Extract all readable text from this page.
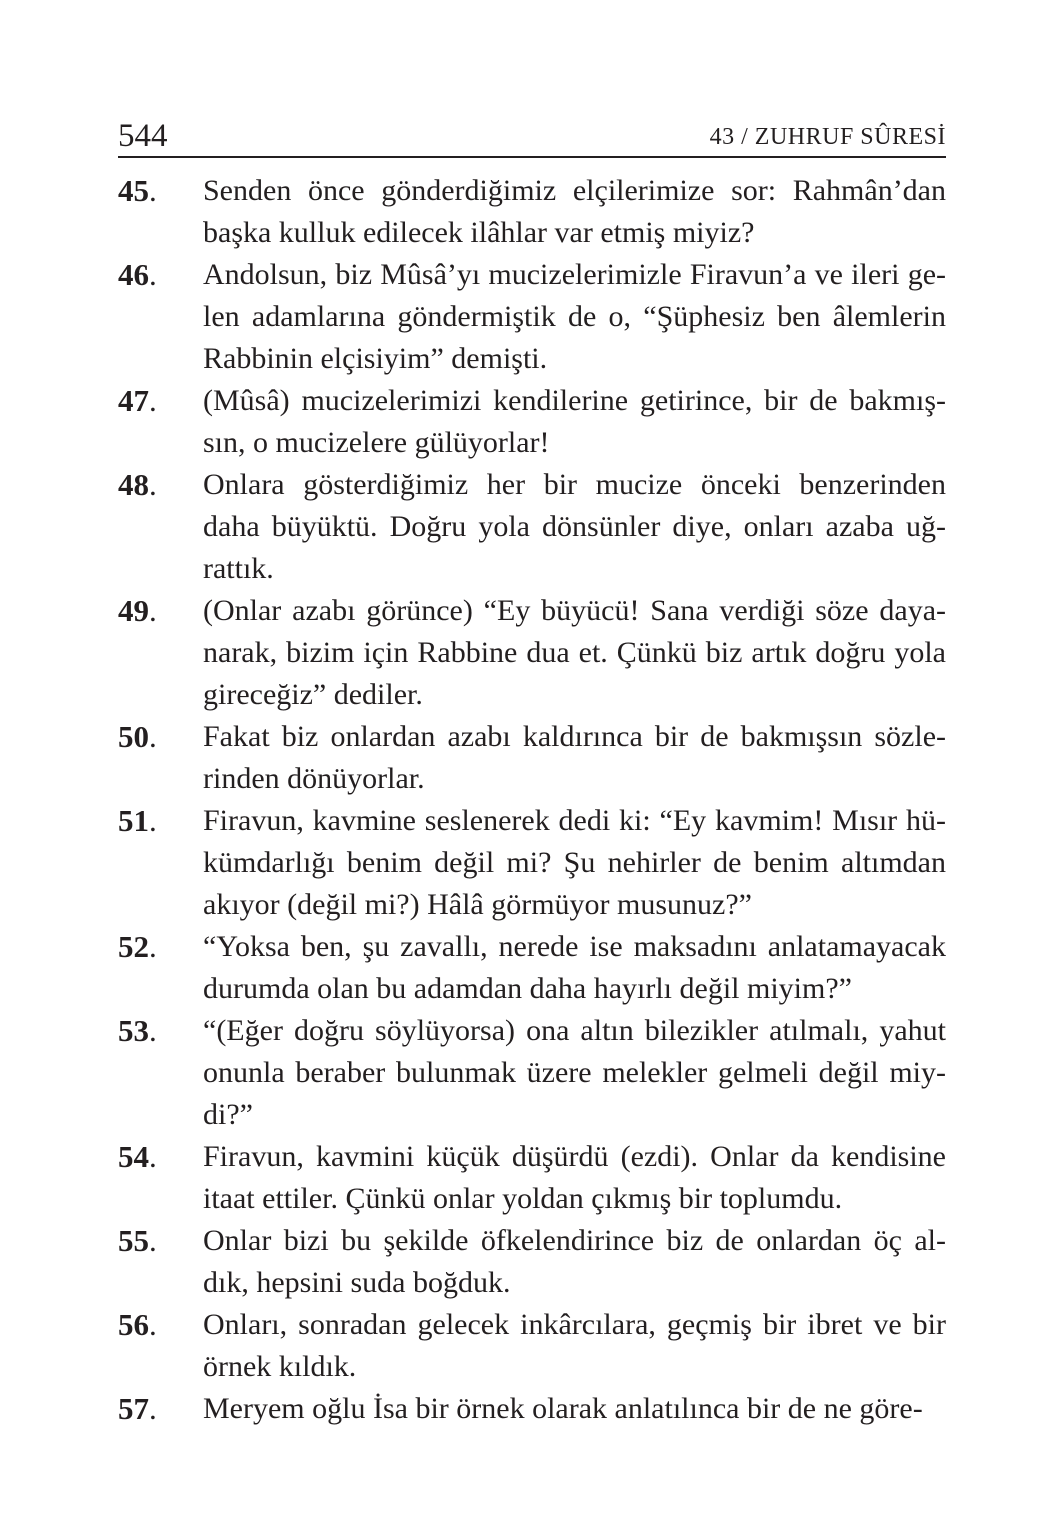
544	43 / ZUHRUF SÛRESİ
45. Senden önce gönderdiğimiz elçilerimize sor: Rahmân’dan
başka kulluk edilecek ilâhlar var etmiş miyiz?
46. Andolsun, biz Mûsâ’yı mucizelerimizle Firavun’a ve ileri ge-
len adamlarına göndermiştik de o, “Şüphesiz ben âlemlerin
Rabbinin elçisiyim” demişti.
47. (Mûsâ) mucizelerimizi kendilerine getirince, bir de bakmış-
sın, o mucizelere gülüyorlar!
48. Onlara gösterdiğimiz her bir mucize önceki benzerinden
daha büyüktü. Doğru yola dönsünler diye, onları azaba uğ-
rattık.
49. (Onlar azabı görünce) “Ey büyücü! Sana verdiği söze daya-
narak, bizim için Rabbine dua et. Çünkü biz artık doğru yola
gireceğiz” dediler.
50. Fakat biz onlardan azabı kaldırınca bir de bakmışsın sözle-
rinden dönüyorlar.
51. Firavun, kavmine seslenerek dedi ki: “Ey kavmim! Mısır hü-
kümdarlığı benim değil mi? Şu nehirler de benim altımdan
akıyor (değil mi?) Hâlâ görmüyor musunuz?”
52. “Yoksa ben, şu zavallı, nerede ise maksadını anlatamayacak
durumda olan bu adamdan daha hayırlı değil miyim?”
53. “(Eğer doğru söylüyorsa) ona altın bilezikler atılmalı, yahut
onunla beraber bulunmak üzere melekler gelmeli değil miy-
di?”
54. Firavun, kavmini küçük düşürdü (ezdi). Onlar da kendisine
itaat ettiler. Çünkü onlar yoldan çıkmış bir toplumdu.
55. Onlar bizi bu şekilde öfkelendirince biz de onlardan öç al-
dık, hepsini suda boğduk.
56. Onları, sonradan gelecek inkârcılara, geçmiş bir ibret ve bir
örnek kıldık.
57. Meryem oğlu İsa bir örnek olarak anlatılınca bir de ne göre-
